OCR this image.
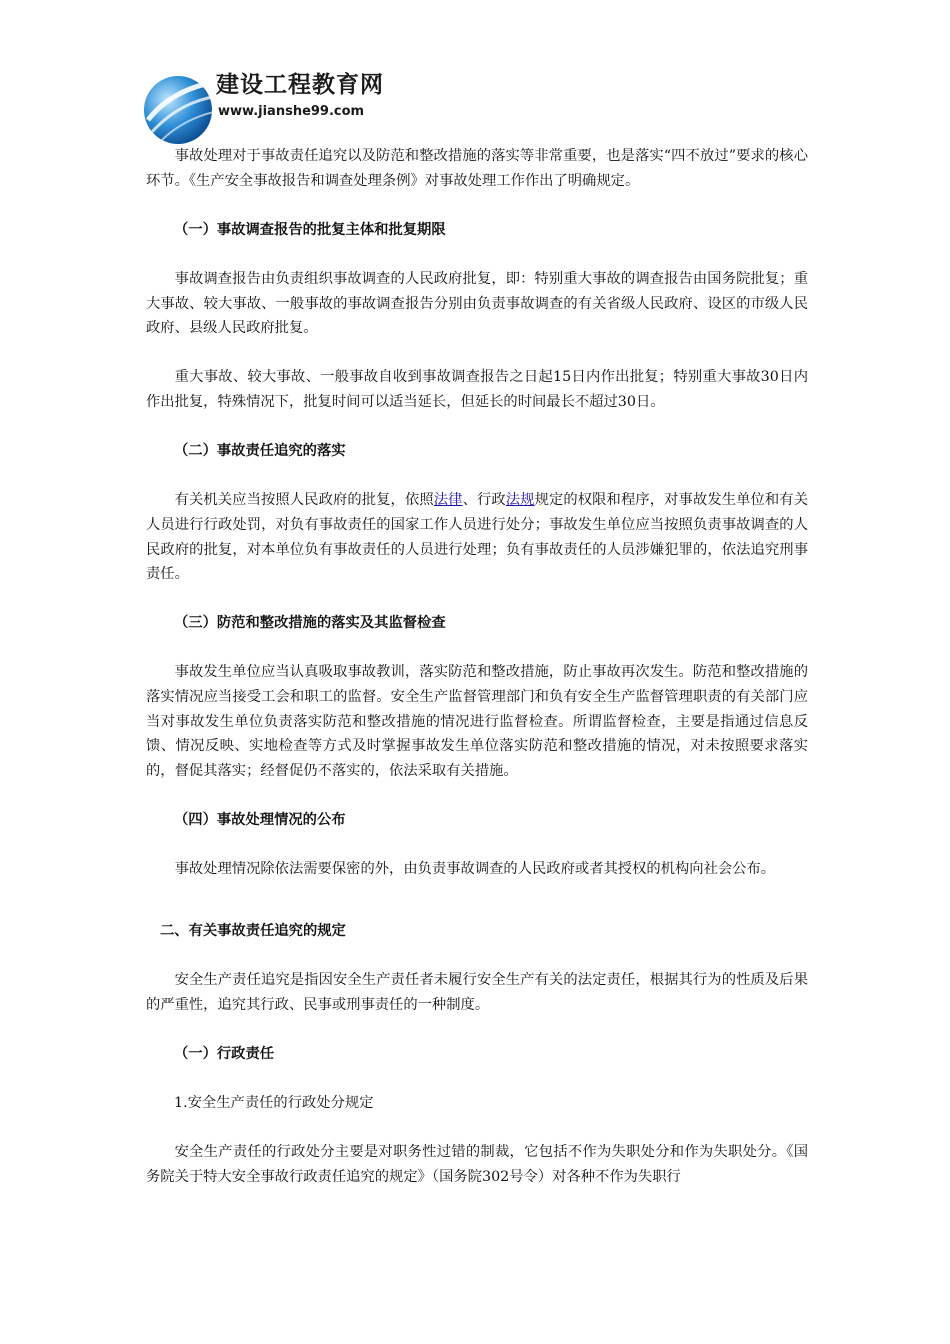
建设工程教育网
www.jianshe99.com

事故处理对于事故责任追究以及防范和整改措施的落实等非常重要，也是落实“四不放过”要求的核心环节。《生产安全事故报告和调查处理条例》对事故处理工作作出了明确规定。

（一）事故调查报告的批复主体和批复期限

事故调查报告由负责组织事故调查的人民政府批复，即：特别重大事故的调查报告由国务院批复；重大事故、较大事故、一般事故的事故调查报告分别由负责事故调查的有关省级人民政府、设区的市级人民政府、县级人民政府批复。

重大事故、较大事故、一般事故自收到事故调查报告之日起15日内作出批复；特别重大事故30日内作出批复，特殊情况下，批复时间可以适当延长，但延长的时间最长不超过30日。

（二）事故责任追究的落实

有关机关应当按照人民政府的批复，依照法律、行政法规规定的权限和程序，对事故发生单位和有关人员进行行政处罚，对负有事故责任的国家工作人员进行处分；事故发生单位应当按照负责事故调查的人民政府的批复，对本单位负有事故责任的人员进行处理；负有事故责任的人员涉嫌犯罪的，依法追究刑事责任。

（三）防范和整改措施的落实及其监督检查

事故发生单位应当认真吸取事故教训，落实防范和整改措施，防止事故再次发生。防范和整改措施的落实情况应当接受工会和职工的监督。安全生产监督管理部门和负有安全生产监督管理职责的有关部门应当对事故发生单位负责落实防范和整改措施的情况进行监督检查。所谓监督检查，主要是指通过信息反馈、情况反映、实地检查等方式及时掌握事故发生单位落实防范和整改措施的情况，对未按照要求落实的，督促其落实；经督促仍不落实的，依法采取有关措施。

（四）事故处理情况的公布

事故处理情况除依法需要保密的外，由负责事故调查的人民政府或者其授权的机构向社会公布。

二、有关事故责任追究的规定

安全生产责任追究是指因安全生产责任者未履行安全生产有关的法定责任，根据其行为的性质及后果的严重性，追究其行政、民事或刑事责任的一种制度。

（一）行政责任

1.安全生产责任的行政处分规定

安全生产责任的行政处分主要是对职务性过错的制裁，它包括不作为失职处分和作为失职处分。《国务院关于特大安全事故行政责任追究的规定》（国务院302号令）对各种不作为失职行
